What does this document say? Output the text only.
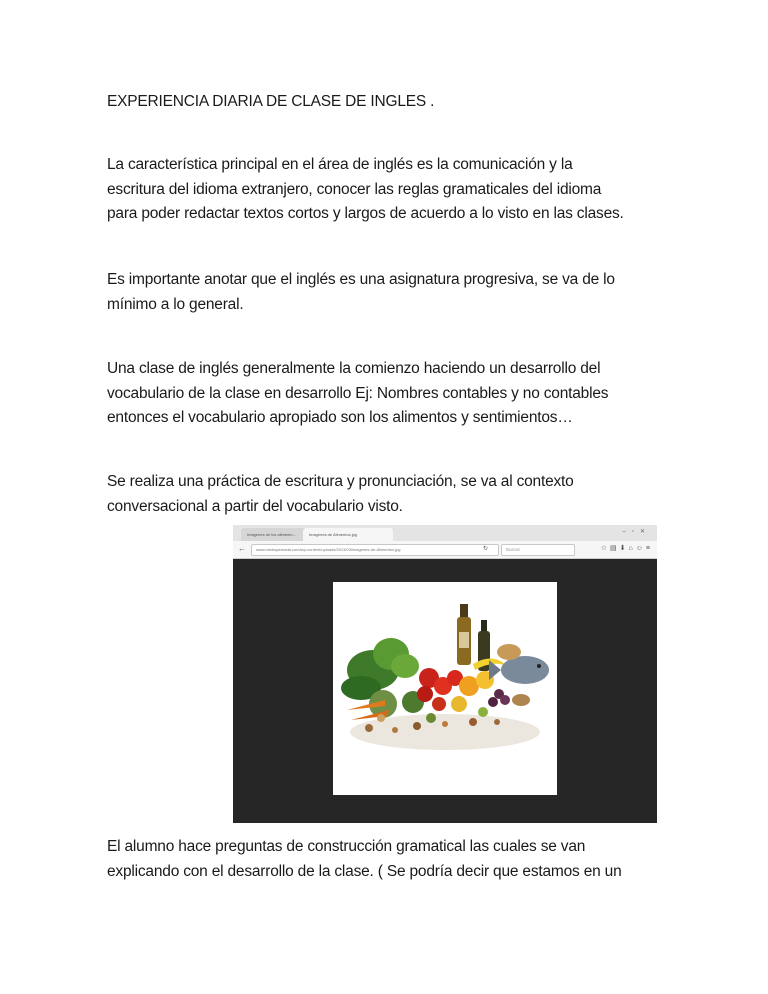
EXPERIENCIA DIARIA DE CLASE DE INGLES .
La característica principal en el área de inglés es la comunicación y la
escritura del idioma extranjero, conocer las reglas gramaticales del idioma
para poder redactar textos cortos y largos de acuerdo a lo visto en las clases.
Es importante anotar que el inglés es una asignatura progresiva, se va de lo
mínimo a lo general.
Una clase de inglés generalmente la comienzo haciendo un desarrollo del
vocabulario de la clase en desarrollo Ej: Nombres contables y no contables
entonces el vocabulario apropiado son los alimentos y sentimientos…
Se realiza una práctica de escritura y pronunciación, se va al contexto
conversacional a partir del vocabulario visto.
Imágenes de los alimento...	Imagenes de Alimentos.jpg	‒▫✕
←	www.mistrapemada.com/wp-content/uploads/2013/03/imagenes-de-Alimentos.jpg	↻	Buscar	☆▤⬇⌂☺≡
El alumno hace preguntas de construcción gramatical las cuales se van
explicando con el desarrollo de la clase. ( Se podría decir que estamos en un
